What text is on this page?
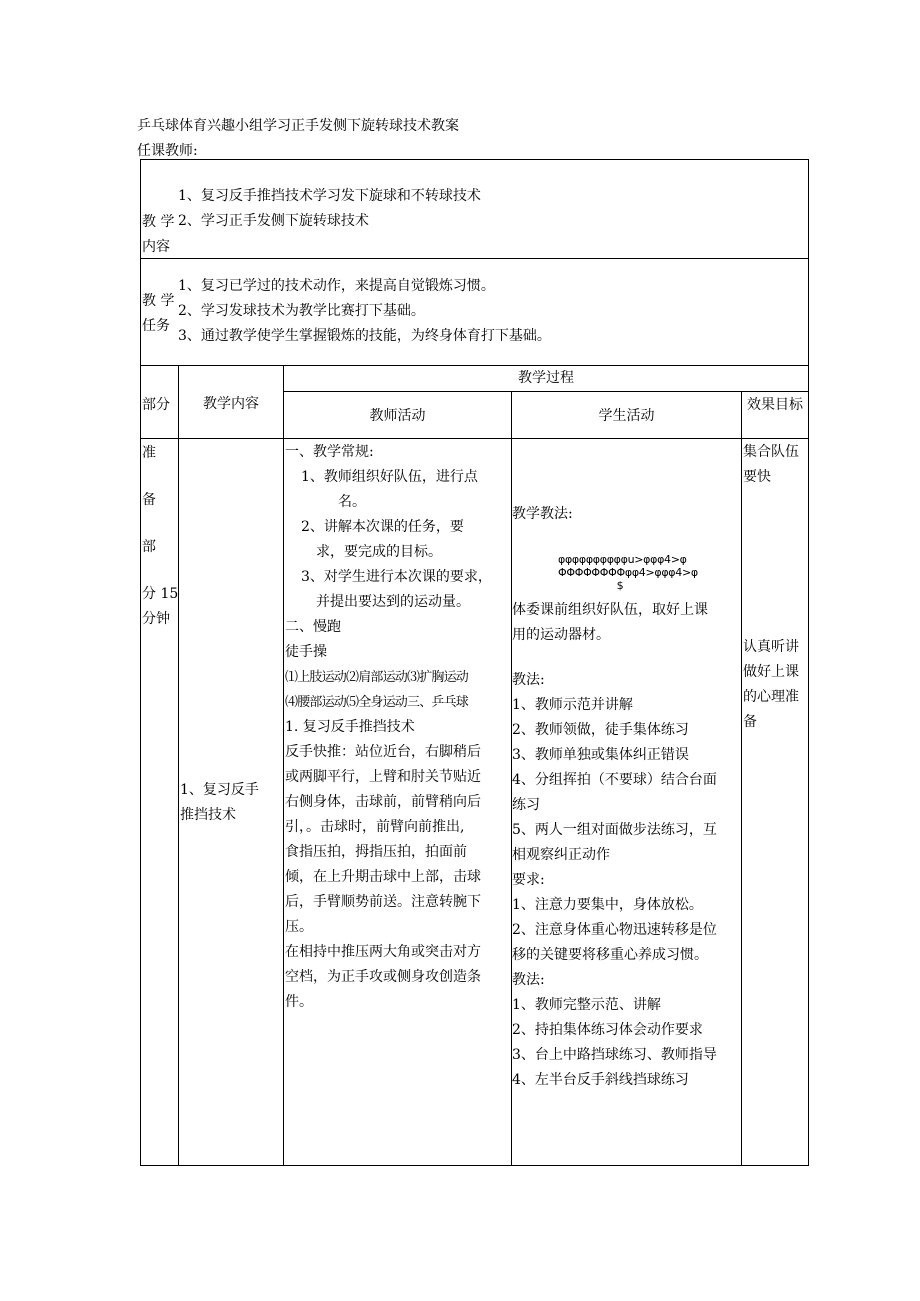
乒乓球体育兴趣小组学习正手发侧下旋转球技术教案
任课教师:
教 学
内容
1、复习反手推挡技术学习发下旋球和不转球技术
2、学习正手发侧下旋转球技术
教 学
任务
1、复习已学过的技术动作，来提高自觉锻炼习惯。
2、学习发球技术为教学比赛打下基础。
3、通过教学使学生掌握锻炼的技能，为终身体育打下基础。
部分	教学内容
教学过程
教师活动	学生活动
效果目标
准
备
部
分 15
分钟
1、复习反手
推挡技术
一、教学常规:
1、教师组织好队伍，进行点
名。
2、讲解本次课的任务，要
求，要完成的目标。
3、对学生进行本次课的要求，
并提出要达到的运动量。
二、慢跑
徒手操
⑴上肢运动⑵肩部运动⑶扩胸运动
⑷腰部运动⑸全身运动三、乒乓球
1. 复习反手推挡技术
反手快推：站位近台，右脚稍后
或两脚平行，上臂和肘关节贴近
右侧身体，击球前，前臂稍向后
引，。击球时，前臂向前推出,
食指压拍，拇指压拍，拍面前
倾，在上升期击球中上部，击球
后，手臂顺势前送。注意转腕下
压。
在相持中推压两大角或突击对方
空档，为正手攻或侧身攻创造条
件。
教学教法:
φφφφφφφφφφu>φφφ4>φ
ΦΦΦΦΦΦΦΦφφ4>φφφ4>φ
$
体委课前组织好队伍，取好上课
用的运动器材。
教法:
1、教师示范并讲解
2、教师领做，徒手集体练习
3、教师单独或集体纠正错误
4、分组挥拍（不要球）结合台面
练习
5、两人一组对面做步法练习，互
相观察纠正动作
要求:
1、注意力要集中，身体放松。
2、注意身体重心物迅速转移是位
移的关键要将移重心养成习惯。
教法:
1、教师完整示范、讲解
2、持拍集体练习体会动作要求
3、台上中路挡球练习、教师指导
4、左半台反手斜线挡球练习
集合队伍
要快
认真听讲
做好上课
的心理准
备
